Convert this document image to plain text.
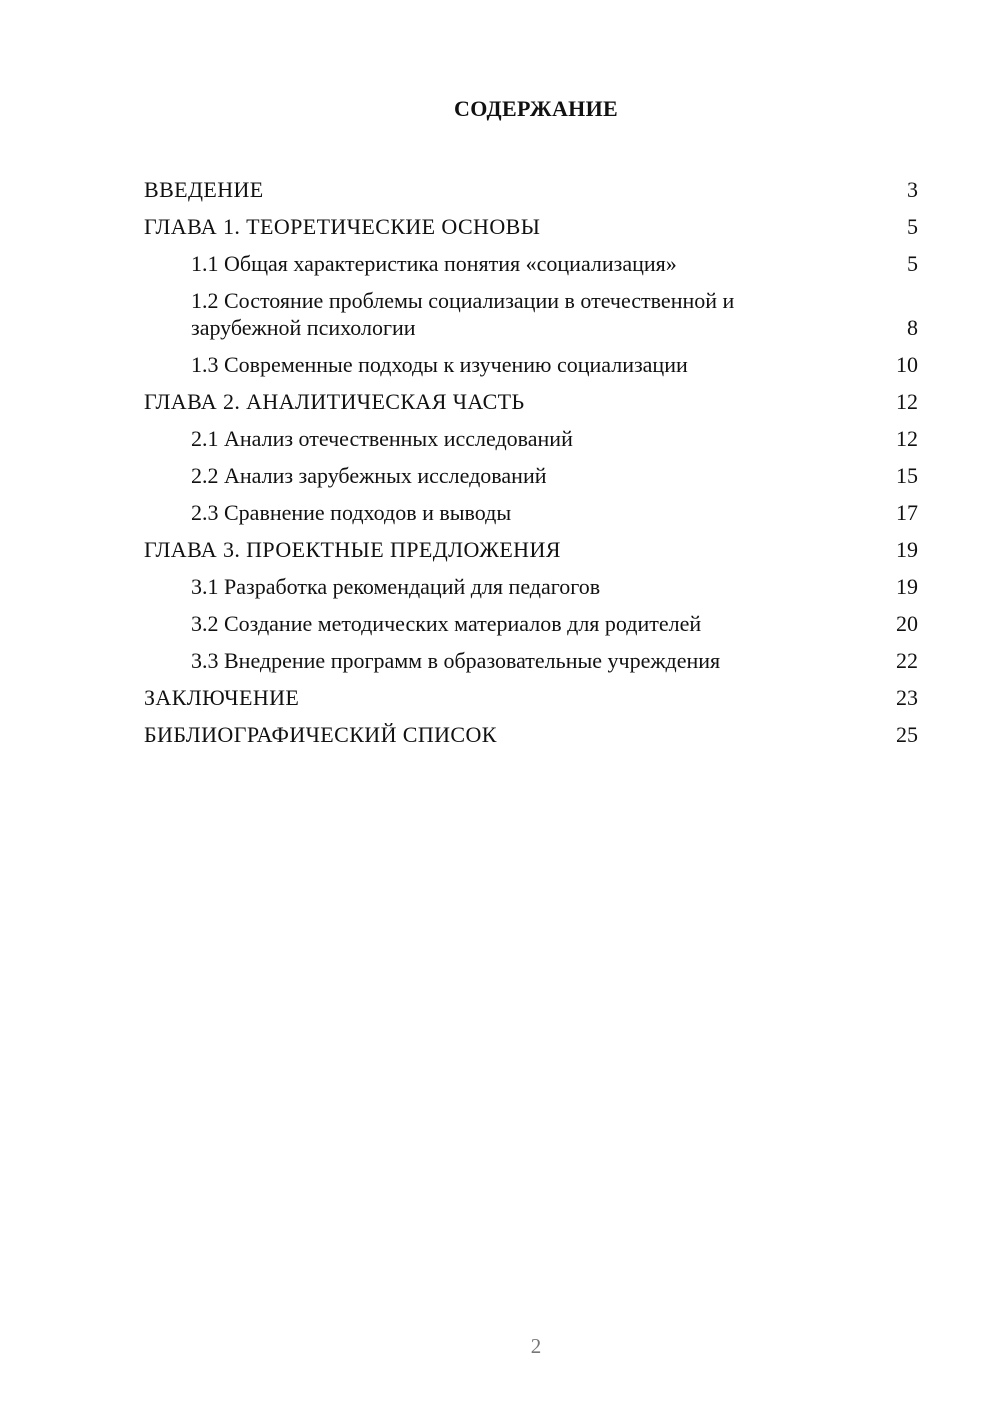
СОДЕРЖАНИЕ
ВВЕДЕНИЕ	3
ГЛАВА 1. ТЕОРЕТИЧЕСКИЕ ОСНОВЫ	5
1.1 Общая характеристика понятия «социализация»	5
1.2 Состояние проблемы социализации в отечественной и зарубежной психологии	8
1.3 Современные подходы к изучению социализации	10
ГЛАВА 2. АНАЛИТИЧЕСКАЯ ЧАСТЬ	12
2.1 Анализ отечественных исследований	12
2.2 Анализ зарубежных исследований	15
2.3 Сравнение подходов и выводы	17
ГЛАВА 3. ПРОЕКТНЫЕ ПРЕДЛОЖЕНИЯ	19
3.1 Разработка рекомендаций для педагогов	19
3.2 Создание методических материалов для родителей	20
3.3 Внедрение программ в образовательные учреждения	22
ЗАКЛЮЧЕНИЕ	23
БИБЛИОГРАФИЧЕСКИЙ СПИСОК	25
2
